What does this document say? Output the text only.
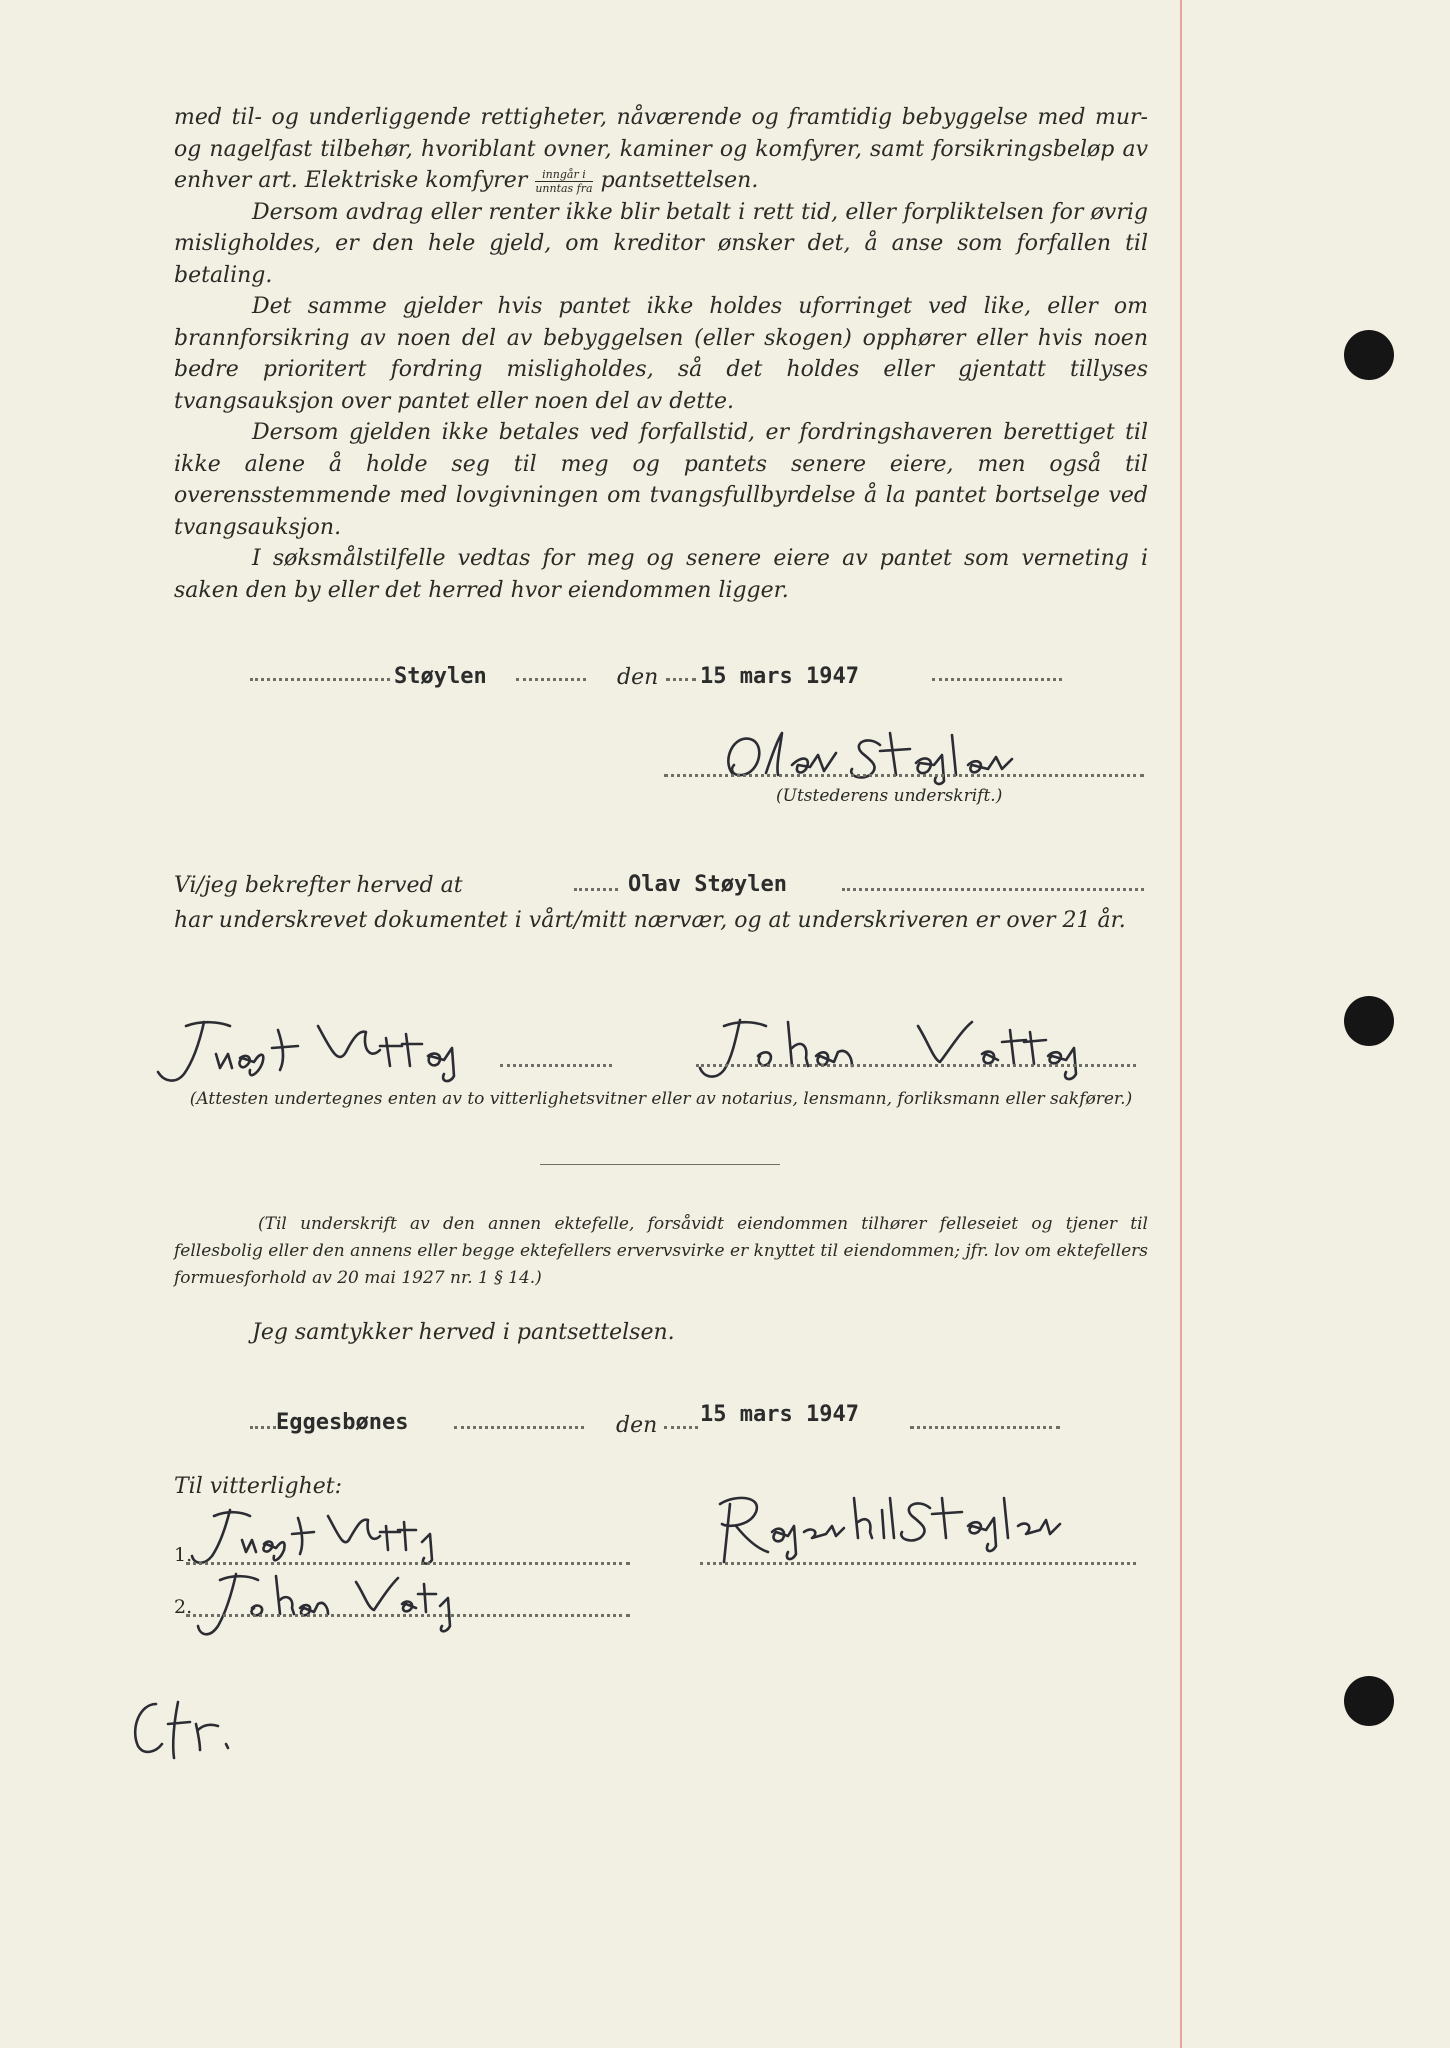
med til- og underliggende rettigheter, nåværende og framtidig bebyggelse med mur- og nagelfast tilbehør, hvoriblant ovner, kaminer og komfyrer, samt forsikringsbeløp av enhver art. Elektriske komfyrer $\frac{\text{inngår i}}{\text{unntas fra}}$ pantsettelsen.

Dersom avdrag eller renter ikke blir betalt i rett tid, eller forpliktelsen for øvrig misligholdes, er den hele gjeld, om kreditor ønsker det, å anse som forfallen til betaling.

Det samme gjelder hvis pantet ikke holdes uforringet ved like, eller om brannforsikring av noen del av bebyggelsen (eller skogen) opphører eller hvis noen bedre prioritert fordring misligholdes, så det holdes eller gjentatt tillyses tvangsauksjon over pantet eller noen del av dette.

Dersom gjelden ikke betales ved forfallstid, er fordringshaveren berettiget til ikke alene å holde seg til meg og pantets senere eiere, men også til overensstemmende med lovgivningen om tvangsfullbyrdelse å la pantet bortselge ved tvangsauksjon.

I søksmålstilfelle vedtas for meg og senere eiere av pantet som verneting i saken den by eller det herred hvor eiendommen ligger.

Støylen	den 15 mars 1947
(Utstederens underskrift.)
Vi/jeg bekrefter herved at	Olav Støylen
har underskrevet dokumentet i vårt/mitt nærvær, og at underskriveren er over 21 år.
(Attesten undertegnes enten av to vitterlighetsvitner eller av notarius, lensmann, forliksmann eller sakfører.)
(Til underskrift av den annen ektefelle, forsåvidt eiendommen tilhører felleseiet og tjener til fellesbolig eller den annens eller begge ektefellers ervervsvirke er knyttet til eiendommen; jfr. lov om ektefellers formuesforhold av 20 mai 1927 nr. 1 § 14.)
Jeg samtykker herved i pantsettelsen.
Eggesbønes	den 15 mars 1947
Til vitterlighet:
1.
2.
